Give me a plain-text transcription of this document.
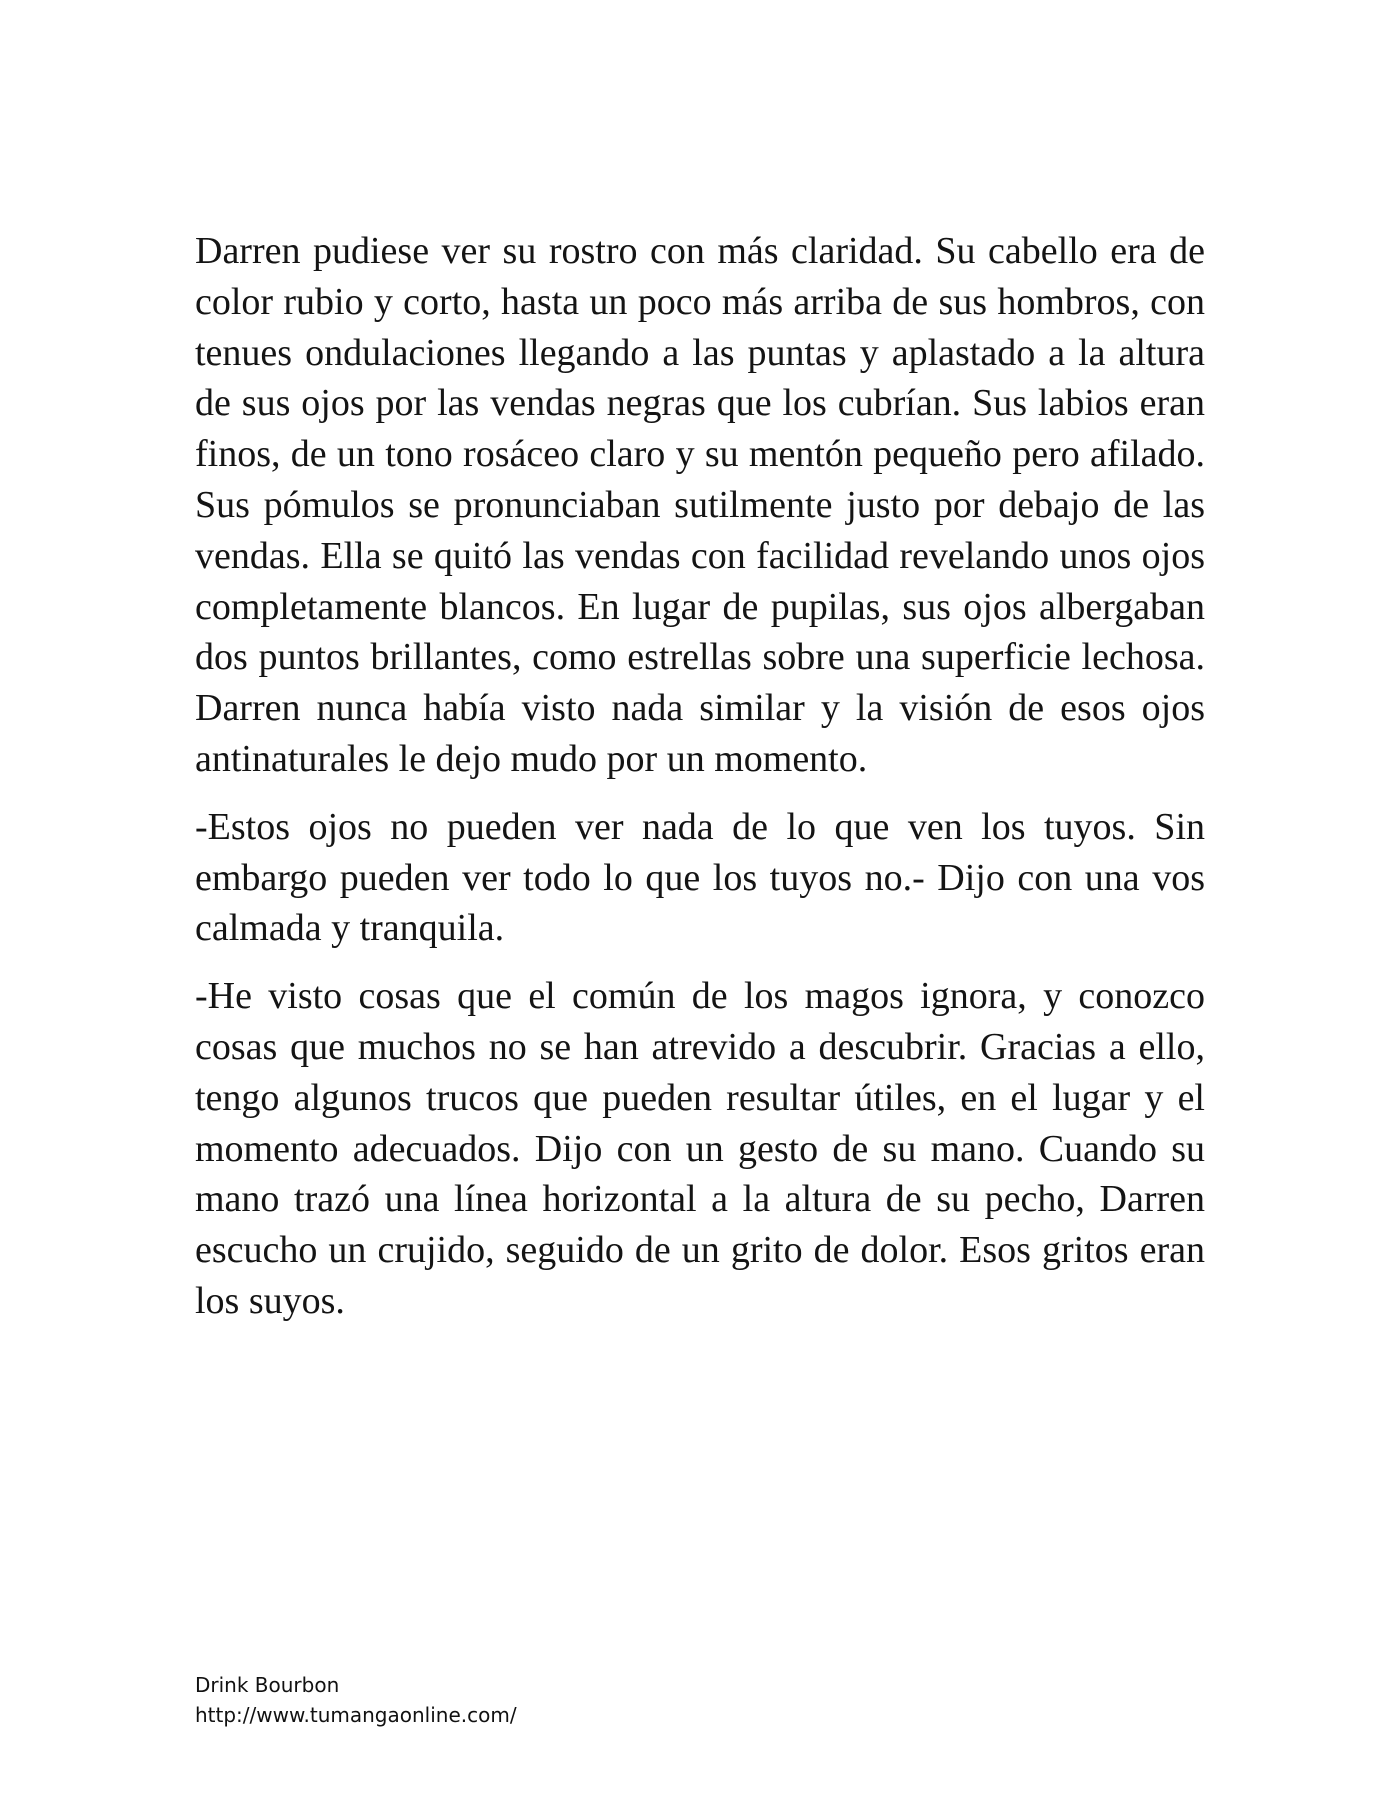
Darren pudiese ver su rostro con más claridad. Su cabello era de color rubio y corto, hasta un poco más arriba de sus hombros, con tenues ondulaciones llegando a las puntas y aplastado a la altura de sus ojos por las vendas negras que los cubrían. Sus labios eran finos, de un tono rosáceo claro y su mentón pequeño pero afilado. Sus pómulos se pronunciaban sutilmente justo por debajo de las vendas. Ella se quitó las vendas con facilidad revelando unos ojos completamente blancos. En lugar de pupilas, sus ojos albergaban dos puntos brillantes, como estrellas sobre una superficie lechosa. Darren nunca había visto nada similar y la visión de esos ojos antinaturales le dejo mudo por un momento.

-Estos ojos no pueden ver nada de lo que ven los tuyos. Sin embargo pueden ver todo lo que los tuyos no.- Dijo con una vos calmada y tranquila.

-He visto cosas que el común de los magos ignora, y conozco cosas que muchos no se han atrevido a descubrir. Gracias a ello, tengo algunos trucos que pueden resultar útiles, en el lugar y el momento adecuados. Dijo con un gesto de su mano. Cuando su mano trazó una línea horizontal a la altura de su pecho, Darren escucho un crujido, seguido de un grito de dolor. Esos gritos eran los suyos.

Drink Bourbon
http://www.tumangaonline.com/
